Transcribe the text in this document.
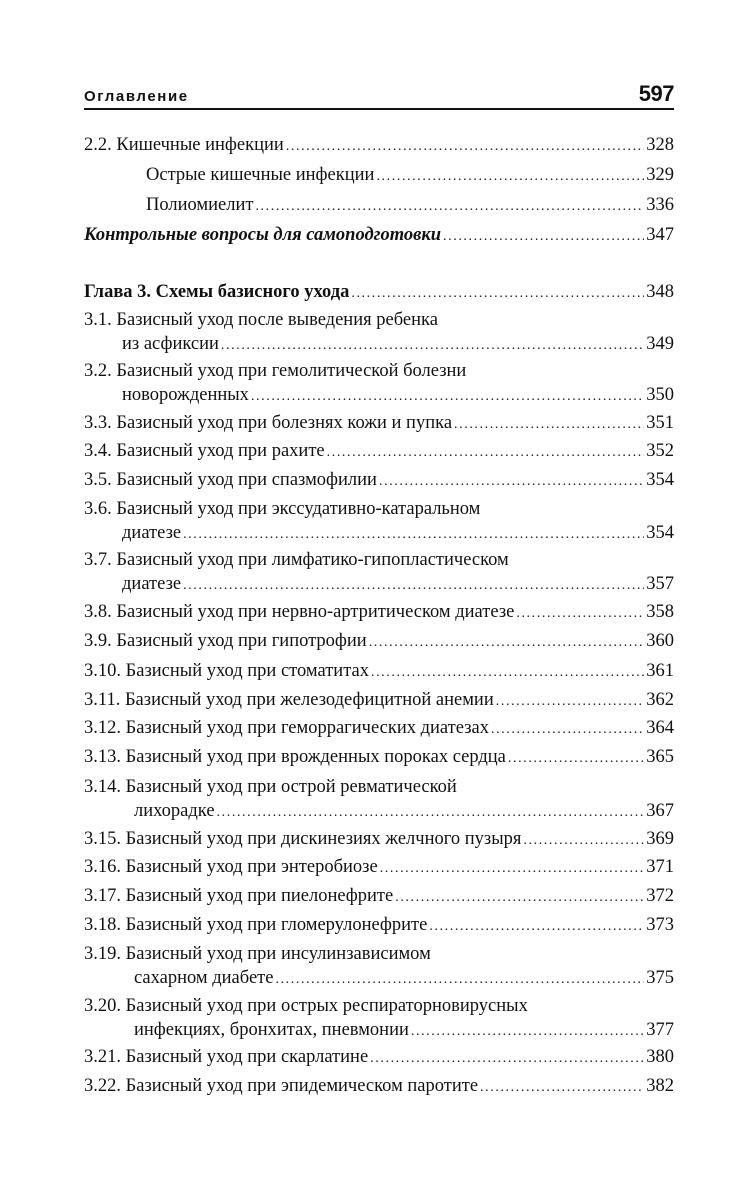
Оглавление	597
2.2. Кишечные инфекции .....	328
Острые кишечные инфекции .....	329
Полиомиелит .....	336
Контрольные вопросы для самоподготовки .....	347
Глава 3. Схемы базисного ухода .....	348
3.1. Базисный уход после выведения ребенка
из асфиксии .....	349
3.2. Базисный уход при гемолитической болезни
новорожденных .....	350
3.3. Базисный уход при болезнях кожи и пупка .....	351
3.4. Базисный уход при рахите .....	352
3.5. Базисный уход при спазмофилии .....	354
3.6. Базисный уход при экссудативно-катаральном
диатезе .....	354
3.7. Базисный уход при лимфатико-гипопластическом
диатезе .....	357
3.8. Базисный уход при нервно-артритическом диатезе .....	358
3.9. Базисный уход при гипотрофии .....	360
3.10. Базисный уход при стоматитах .....	361
3.11. Базисный уход при железодефицитной анемии .....	362
3.12. Базисный уход при геморрагических диатезах .....	364
3.13. Базисный уход при врожденных пороках сердца .....	365
3.14. Базисный уход при острой ревматической
лихорадке .....	367
3.15. Базисный уход при дискинезиях желчного пузыря .....	369
3.16. Базисный уход при энтеробиозе .....	371
3.17. Базисный уход при пиелонефрите .....	372
3.18. Базисный уход при гломерулонефрите .....	373
3.19. Базисный уход при инсулинзависимом
сахарном диабете .....	375
3.20. Базисный уход при острых респираторновирусных
инфекциях, бронхитах, пневмонии .....	377
3.21. Базисный уход при скарлатине .....	380
3.22. Базисный уход при эпидемическом паротите .....	382
